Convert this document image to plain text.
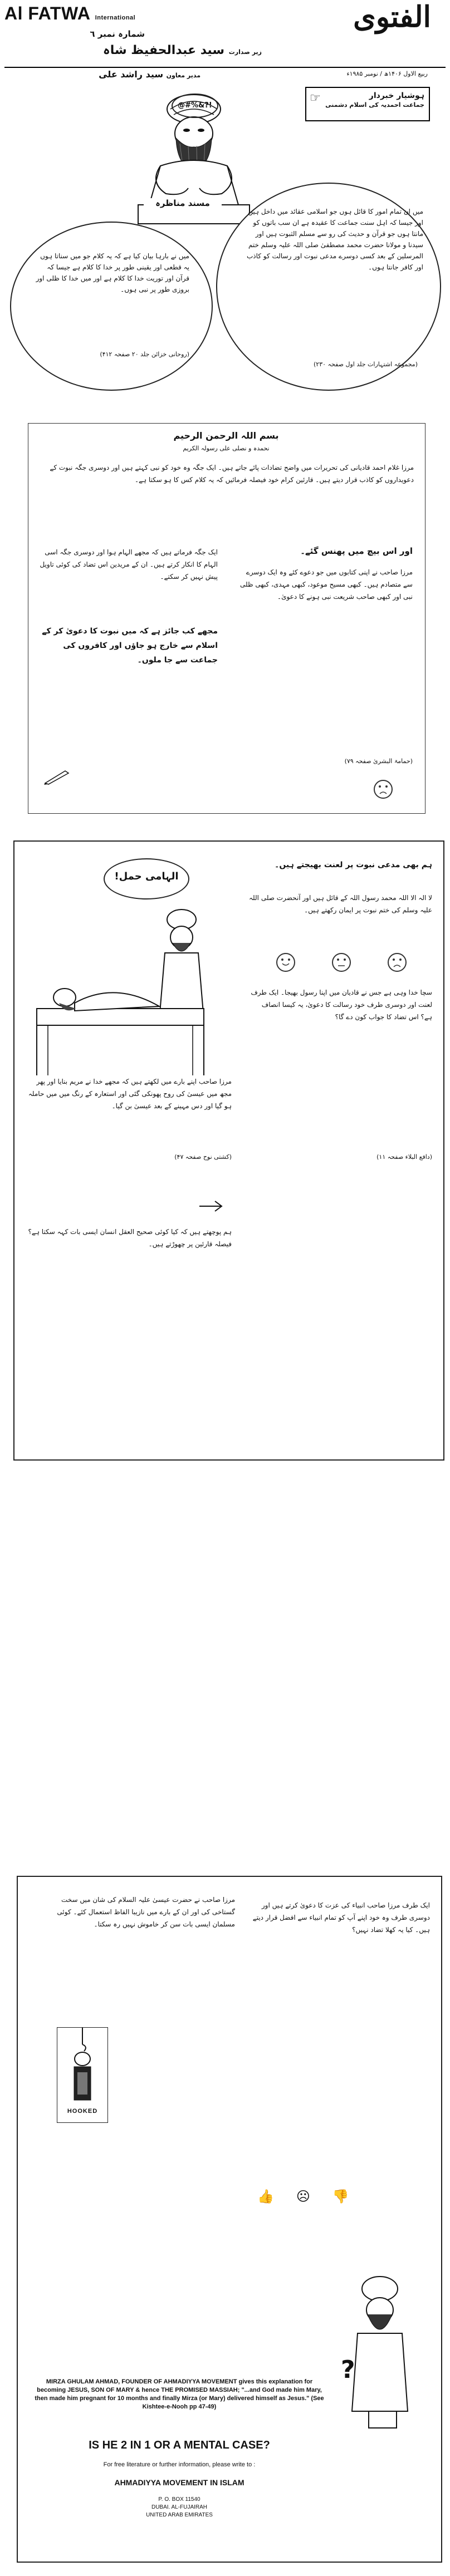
Al FATWA International	الفتوی
شمارہ نمبر ٦
زیر صدارت سید عبدالحفیظ شاہ
مدیر معاون سید راشد علی	ربیع الاول ۱۴۰۶ھ / نومبر ۱۹۸۵ء
☞	ہوشیار خبردار
جماعت احمدیہ کی اسلام دشمنی
@#%&?!
مسند مناظرہ
میں نے بارہا بیان کیا ہے کہ یہ کلام جو میں سناتا ہوں یہ قطعی اور یقینی طور پر خدا کا کلام ہے جیسا کہ قرآن اور توریت خدا کا کلام ہے اور میں خدا کا ظلی اور بروزی طور پر نبی ہوں۔
(روحانی خزائن جلد ۲۰ صفحہ ۴۱۲)
میں ان تمام امور کا قائل ہوں جو اسلامی عقائد میں داخل ہیں اور جیسا کہ اہل سنت جماعت کا عقیدہ ہے ان سب باتوں کو مانتا ہوں جو قرآن و حدیث کی رو سے مسلم الثبوت ہیں اور سیدنا و مولانا حضرت محمد مصطفیٰ صلی اللہ علیہ وسلم ختم المرسلین کے بعد کسی دوسرے مدعی نبوت اور رسالت کو کاذب اور کافر جانتا ہوں۔
(مجموعہ اشتہارات جلد اول صفحہ ۲۳۰)
بسم اللہ الرحمن الرحیم
نحمدہ و نصلی علی رسولہ الکریم
مرزا غلام احمد قادیانی کی تحریرات میں واضح تضادات پائے جاتے ہیں۔ ایک جگہ وہ خود کو نبی کہتے ہیں اور دوسری جگہ نبوت کے دعویداروں کو کاذب قرار دیتے ہیں۔ قارئین کرام خود فیصلہ فرمائیں کہ یہ کلام کس کا ہو سکتا ہے۔
ایک جگہ فرماتے ہیں کہ مجھے الہام ہوا اور دوسری جگہ اسی الہام کا انکار کرتے ہیں۔ ان کے مریدین اس تضاد کی کوئی تاویل پیش نہیں کر سکتے۔
مجھے کب جائز ہے کہ میں نبوت کا دعویٰ کر کے اسلام سے خارج ہو جاؤں اور کافروں کی جماعت سے جا ملوں۔
اور اس بیچ میں پھنس گئے۔
مرزا صاحب نے اپنی کتابوں میں جو دعوے کئے وہ ایک دوسرے سے متصادم ہیں۔ کبھی مسیح موعود، کبھی مہدی، کبھی ظلی نبی اور کبھی صاحب شریعت نبی ہونے کا دعویٰ۔
(حمامۃ البشریٰ صفحہ ۷۹)
الہامی حمل!
مرزا صاحب اپنے بارے میں لکھتے ہیں کہ مجھے خدا نے مریم بنایا اور پھر مجھ میں عیسیٰ کی روح پھونکی گئی اور استعارہ کے رنگ میں میں حاملہ ہو گیا اور دس مہینے کے بعد عیسیٰ بن گیا۔
(کشتی نوح صفحہ ۴۷)
ہم پوچھتے ہیں کہ کیا کوئی صحیح العقل انسان ایسی بات کہہ سکتا ہے؟ فیصلہ قارئین پر چھوڑتے ہیں۔
ہم بھی مدعی نبوت پر لعنت بھیجتے ہیں۔
لا الہ الا اللہ محمد رسول اللہ کے قائل ہیں اور آنحضرت صلی اللہ علیہ وسلم کی ختم نبوت پر ایمان رکھتے ہیں۔
سچا خدا وہی ہے جس نے قادیان میں اپنا رسول بھیجا۔ ایک طرف لعنت اور دوسری طرف خود رسالت کا دعویٰ، یہ کیسا انصاف ہے؟ اس تضاد کا جواب کون دے گا؟
(دافع البلاء صفحہ ۱۱)
مرزا صاحب نے حضرت عیسیٰ علیہ السلام کی شان میں سخت گستاخی کی اور ان کے بارے میں نازیبا الفاظ استعمال کئے۔ کوئی مسلمان ایسی بات سن کر خاموش نہیں رہ سکتا۔
HOOKED
ایک طرف مرزا صاحب انبیاء کی عزت کا دعویٰ کرتے ہیں اور دوسری طرف وہ خود اپنے آپ کو تمام انبیاء سے افضل قرار دیتے ہیں۔ کیا یہ کھلا تضاد نہیں؟
👍☹👎
?
MIRZA GHULAM AHMAD, FOUNDER OF AHMADIYYA MOVEMENT gives this explanation for becoming JESUS, SON OF MARY & hence THE PROMISED MASSIAH; "...and God made him Mary, then made him pregnant for 10 months and finally Mirza (or Mary) delivered himself as Jesus." (See Kishtee-e-Nooh pp 47-49)
IS HE 2 IN 1 OR A MENTAL CASE?
For free literature or further information, please write to :
AHMADIYYA MOVEMENT IN ISLAM
P. O. BOX 11540
DUBAI. AL-FUJAIRAH
UNITED ARAB EMIRATES
